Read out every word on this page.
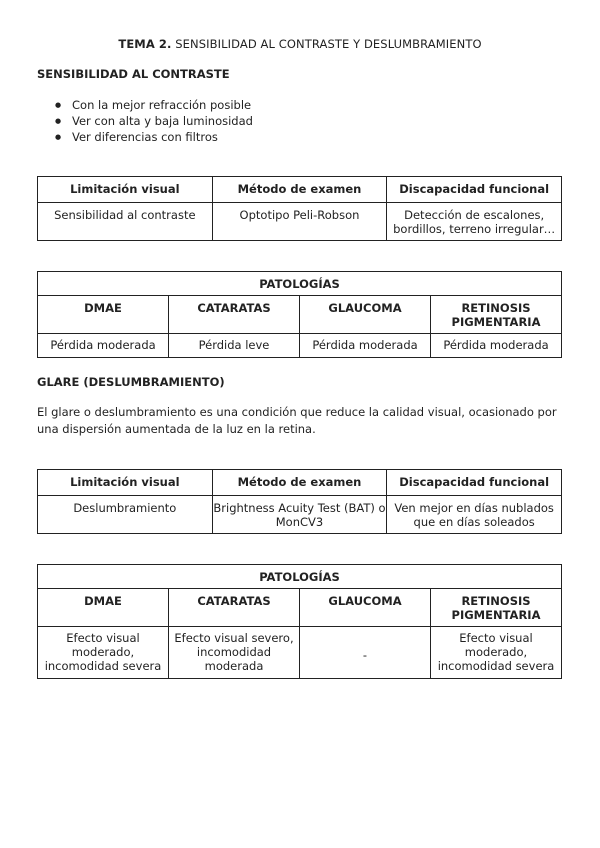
TEMA 2. SENSIBILIDAD AL CONTRASTE Y DESLUMBRAMIENTO
SENSIBILIDAD AL CONTRASTE
● Con la mejor refracción posible
● Ver con alta y baja luminosidad
● Ver diferencias con filtros
Limitación visual	Método de examen	Discapacidad funcional
Sensibilidad al contraste	Optotipo Peli-Robson	Detección de escalones, bordillos, terreno irregular…
PATOLOGÍAS			
DMAE	CATARATAS	GLAUCOMA	RETINOSIS PIGMENTARIA
Pérdida moderada	Pérdida leve	Pérdida moderada	Pérdida moderada
GLARE (DESLUMBRAMIENTO)
El glare o deslumbramiento es una condición que reduce la calidad visual, ocasionado por una dispersión aumentada de la luz en la retina.
Limitación visual	Método de examen	Discapacidad funcional
Deslumbramiento	Brightness Acuity Test (BAT) o MonCV3	Ven mejor en días nublados que en días soleados
PATOLOGÍAS			
DMAE	CATARATAS	GLAUCOMA	RETINOSIS PIGMENTARIA
Efecto visual moderado, incomodidad severa	Efecto visual severo, incomodidad moderada	-	Efecto visual moderado, incomodidad severa
